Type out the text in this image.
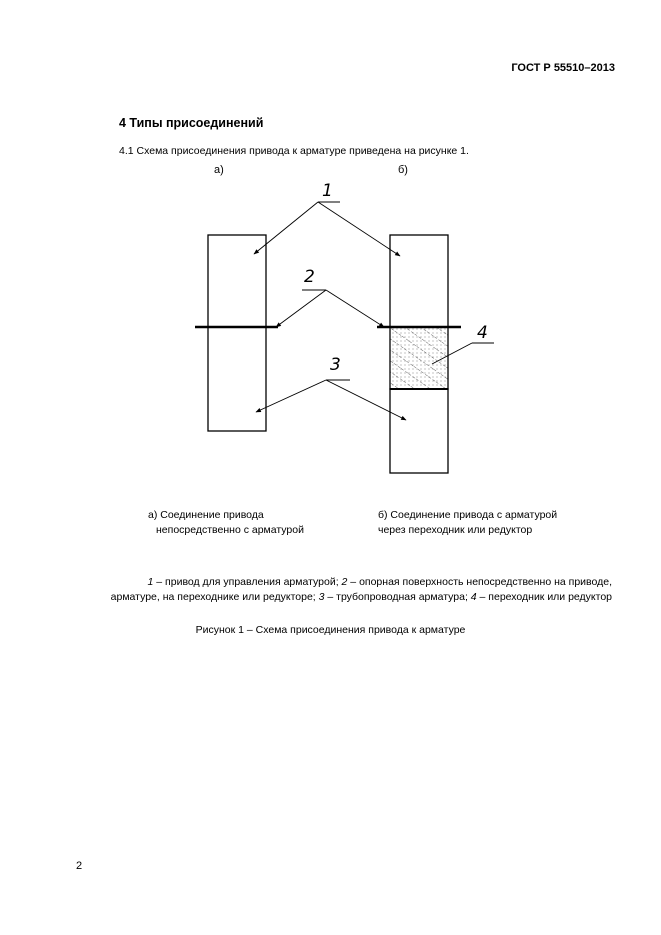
ГОСТ Р 55510–2013
4 Типы присоединений
4.1 Схема присоединения привода к арматуре приведена на рисунке 1.
а)	б)
1
2
3
4
а) Соединение привода
непосредственно с арматурой
б) Соединение привода с арматурой
через переходник или редуктор
1 – привод для управления арматурой; 2 – опорная поверхность непосредственно на приводе,
арматуре, на переходнике или редукторе; 3 – трубопроводная арматура; 4 – переходник или редуктор
Рисунок 1 – Схема присоединения привода к арматуре
2
